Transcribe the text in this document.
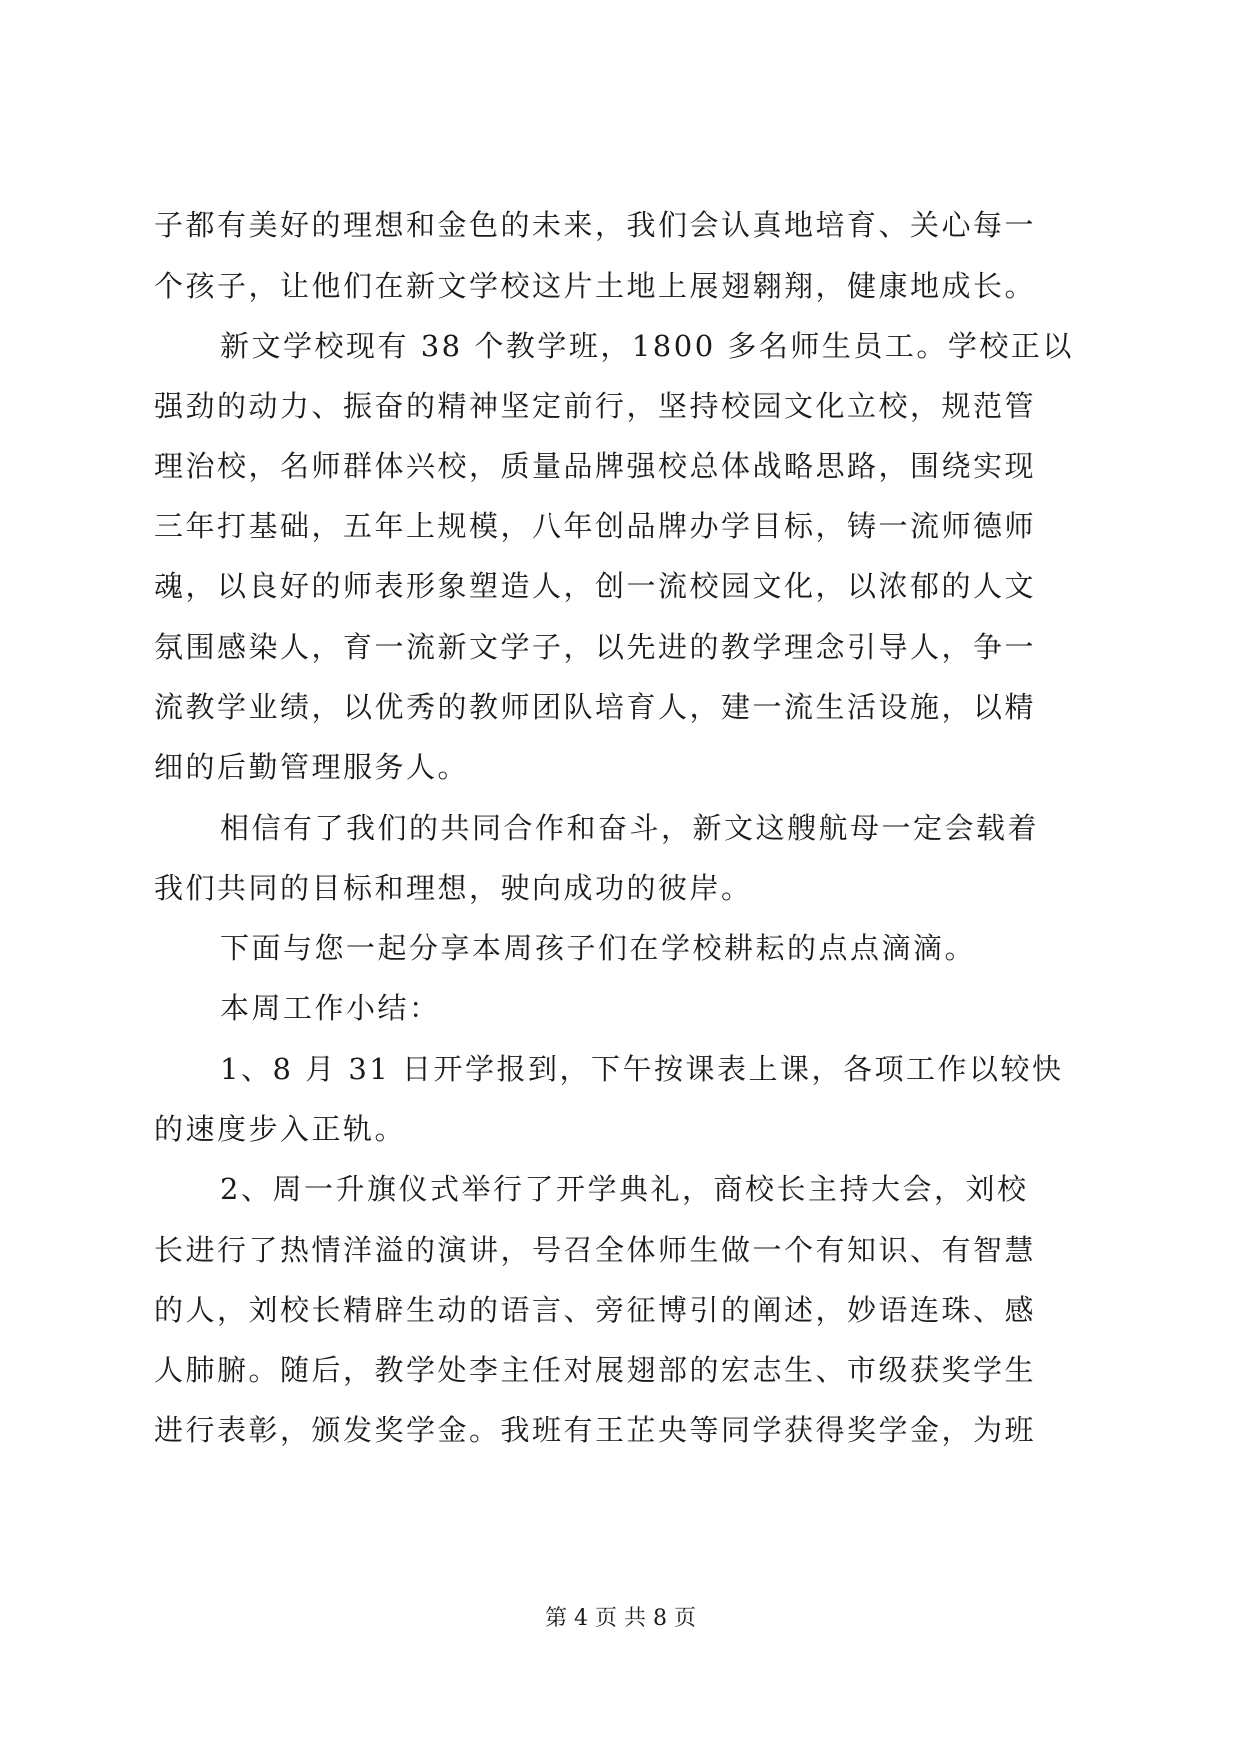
子都有美好的理想和金色的未来，我们会认真地培育、关心每一
个孩子，让他们在新文学校这片土地上展翅翱翔，健康地成长。
新文学校现有 38 个教学班，1800 多名师生员工。学校正以
强劲的动力、振奋的精神坚定前行，坚持校园文化立校，规范管
理治校，名师群体兴校，质量品牌强校总体战略思路，围绕实现
三年打基础，五年上规模，八年创品牌办学目标，铸一流师德师
魂，以良好的师表形象塑造人，创一流校园文化，以浓郁的人文
氛围感染人，育一流新文学子，以先进的教学理念引导人，争一
流教学业绩，以优秀的教师团队培育人，建一流生活设施，以精
细的后勤管理服务人。
相信有了我们的共同合作和奋斗，新文这艘航母一定会载着
我们共同的目标和理想，驶向成功的彼岸。
下面与您一起分享本周孩子们在学校耕耘的点点滴滴。
本周工作小结：
1、8 月 31 日开学报到，下午按课表上课，各项工作以较快
的速度步入正轨。
2、周一升旗仪式举行了开学典礼，商校长主持大会，刘校
长进行了热情洋溢的演讲，号召全体师生做一个有知识、有智慧
的人，刘校长精辟生动的语言、旁征博引的阐述，妙语连珠、感
人肺腑。随后，教学处李主任对展翅部的宏志生、市级获奖学生
进行表彰，颁发奖学金。我班有王芷央等同学获得奖学金，为班
第 4 页 共 8 页
